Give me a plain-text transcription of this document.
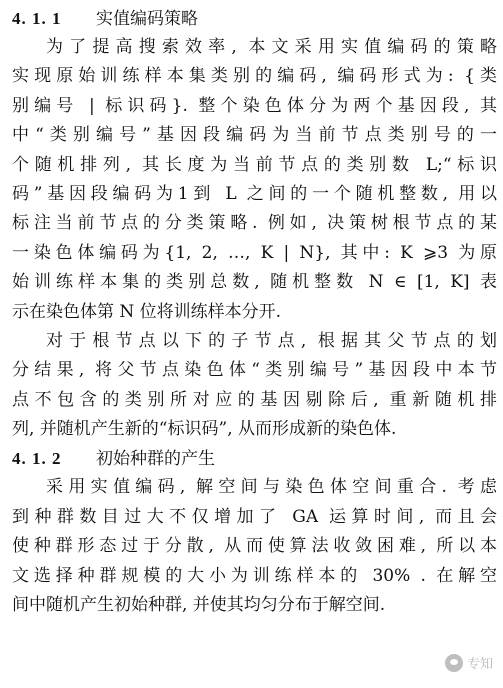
4. 1. 1 实值编码策略
为了提高搜索效率, 本文采用实值编码的策略
实现原始训练样本集类别的编码, 编码形式为: {类
别编号 | 标识码}. 整个染色体分为两个基因段, 其
中“类别编号”基因段编码为当前节点类别号的一
个随机排列, 其长度为当前节点的类别数 L;“标识
码”基因段编码为1到 L 之间的一个随机整数, 用以
标注当前节点的分类策略. 例如, 决策树根节点的某
一染色体编码为{1, 2, …, K | N}, 其中: K ⩾3 为原
始训练样本集的类别总数, 随机整数 N ∈ [1, K] 表
示在染色体第 N 位将训练样本分开.
对于根节点以下的子节点, 根据其父节点的划
分结果, 将父节点染色体“类别编号”基因段中本节
点不包含的类别所对应的基因剔除后, 重新随机排
列, 并随机产生新的“标识码”, 从而形成新的染色体.
4. 1. 2 初始种群的产生
采用实值编码, 解空间与染色体空间重合. 考虑
到种群数目过大不仅增加了 GA 运算时间, 而且会
使种群形态过于分散, 从而使算法收敛困难, 所以本
文选择种群规模的大小为训练样本的 30% . 在解空
间中随机产生初始种群, 并使其均匀分布于解空间.
专知
